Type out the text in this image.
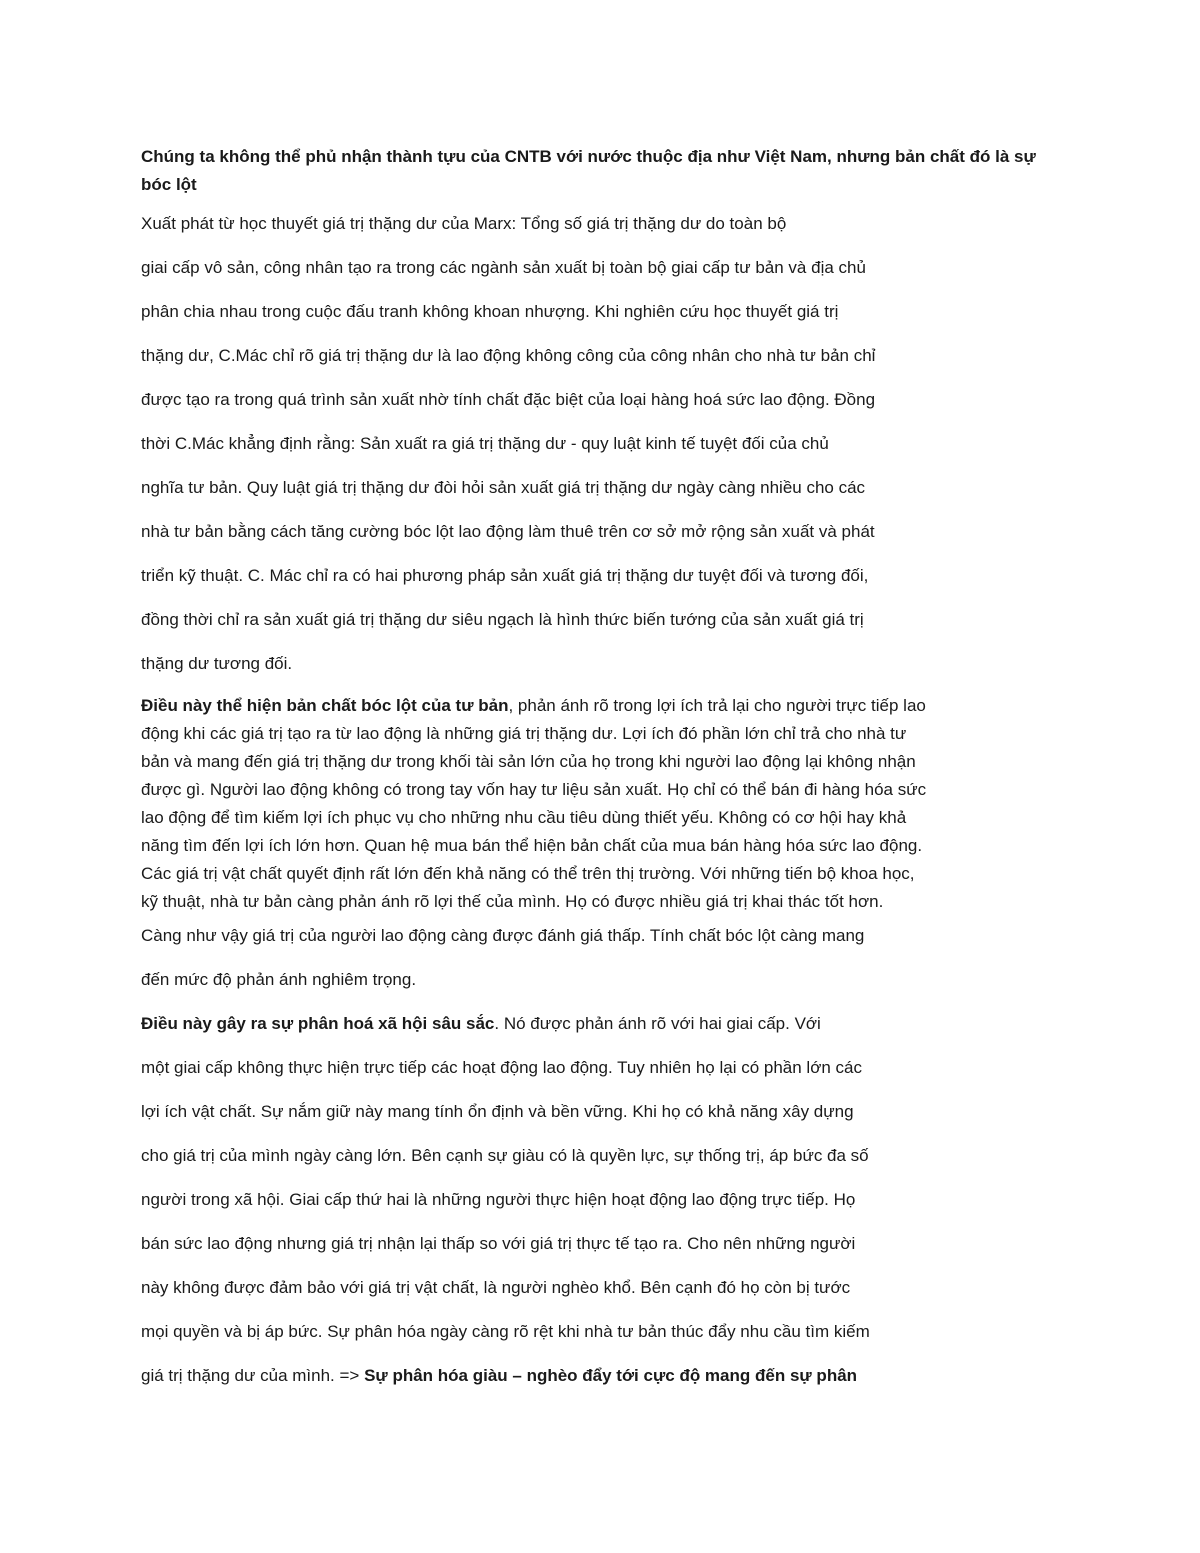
Chúng ta không thể phủ nhận thành tựu của CNTB với nước thuộc địa như Việt Nam, nhưng bản chất đó là sự bóc lột

Xuất phát từ học thuyết giá trị thặng dư của Marx: Tổng số giá trị thặng dư do toàn bộ

giai cấp vô sản, công nhân tạo ra trong các ngành sản xuất bị toàn bộ giai cấp tư bản và địa chủ

phân chia nhau trong cuộc đấu tranh không khoan nhượng. Khi nghiên cứu học thuyết giá trị

thặng dư, C.Mác chỉ rõ giá trị thặng dư là lao động không công của công nhân cho nhà tư bản chỉ

được tạo ra trong quá trình sản xuất nhờ tính chất đặc biệt của loại hàng hoá sức lao động. Đồng

thời C.Mác khẳng định rằng: Sản xuất ra giá trị thặng dư - quy luật kinh tế tuyệt đối của chủ

nghĩa tư bản. Quy luật giá trị thặng dư đòi hỏi sản xuất giá trị thặng dư ngày càng nhiều cho các

nhà tư bản bằng cách tăng cường bóc lột lao động làm thuê trên cơ sở mở rộng sản xuất và phát

triển kỹ thuật. C. Mác chỉ ra có hai phương pháp sản xuất giá trị thặng dư tuyệt đối và tương đối,

đồng thời chỉ ra sản xuất giá trị thặng dư siêu ngạch là hình thức biến tướng của sản xuất giá trị

thặng dư tương đối.

Điều này thể hiện bản chất bóc lột của tư bản, phản ánh rõ trong lợi ích trả lại cho người trực tiếp lao

động khi các giá trị tạo ra từ lao động là những giá trị thặng dư. Lợi ích đó phần lớn chỉ trả cho nhà tư

bản và mang đến giá trị thặng dư trong khối tài sản lớn của họ trong khi người lao động lại không nhận

được gì. Người lao động không có trong tay vốn hay tư liệu sản xuất. Họ chỉ có thể bán đi hàng hóa sức

lao động để tìm kiếm lợi ích phục vụ cho những nhu cầu tiêu dùng thiết yếu. Không có cơ hội hay khả

năng tìm đến lợi ích lớn hơn. Quan hệ mua bán thể hiện bản chất của mua bán hàng hóa sức lao động.

Các giá trị vật chất quyết định rất lớn đến khả năng có thể trên thị trường. Với những tiến bộ khoa học,

kỹ thuật, nhà tư bản càng phản ánh rõ lợi thế của mình. Họ có được nhiều giá trị khai thác tốt hơn.

Càng như vậy giá trị của người lao động càng được đánh giá thấp. Tính chất bóc lột càng mang

đến mức độ phản ánh nghiêm trọng.

Điều này gây ra sự phân hoá xã hội sâu sắc. Nó được phản ánh rõ với hai giai cấp. Với

một giai cấp không thực hiện trực tiếp các hoạt động lao động. Tuy nhiên họ lại có phần lớn các

lợi ích vật chất. Sự nắm giữ này mang tính ổn định và bền vững. Khi họ có khả năng xây dựng

cho giá trị của mình ngày càng lớn. Bên cạnh sự giàu có là quyền lực, sự thống trị, áp bức đa số

người trong xã hội. Giai cấp thứ hai là những người thực hiện hoạt động lao động trực tiếp. Họ

bán sức lao động nhưng giá trị nhận lại thấp so với giá trị thực tế tạo ra. Cho nên những người

này không được đảm bảo với giá trị vật chất, là người nghèo khổ. Bên cạnh đó họ còn bị tước

mọi quyền và bị áp bức. Sự phân hóa ngày càng rõ rệt khi nhà tư bản thúc đẩy nhu cầu tìm kiếm

giá trị thặng dư của mình. => Sự phân hóa giàu – nghèo đẩy tới cực độ mang đến sự phân
